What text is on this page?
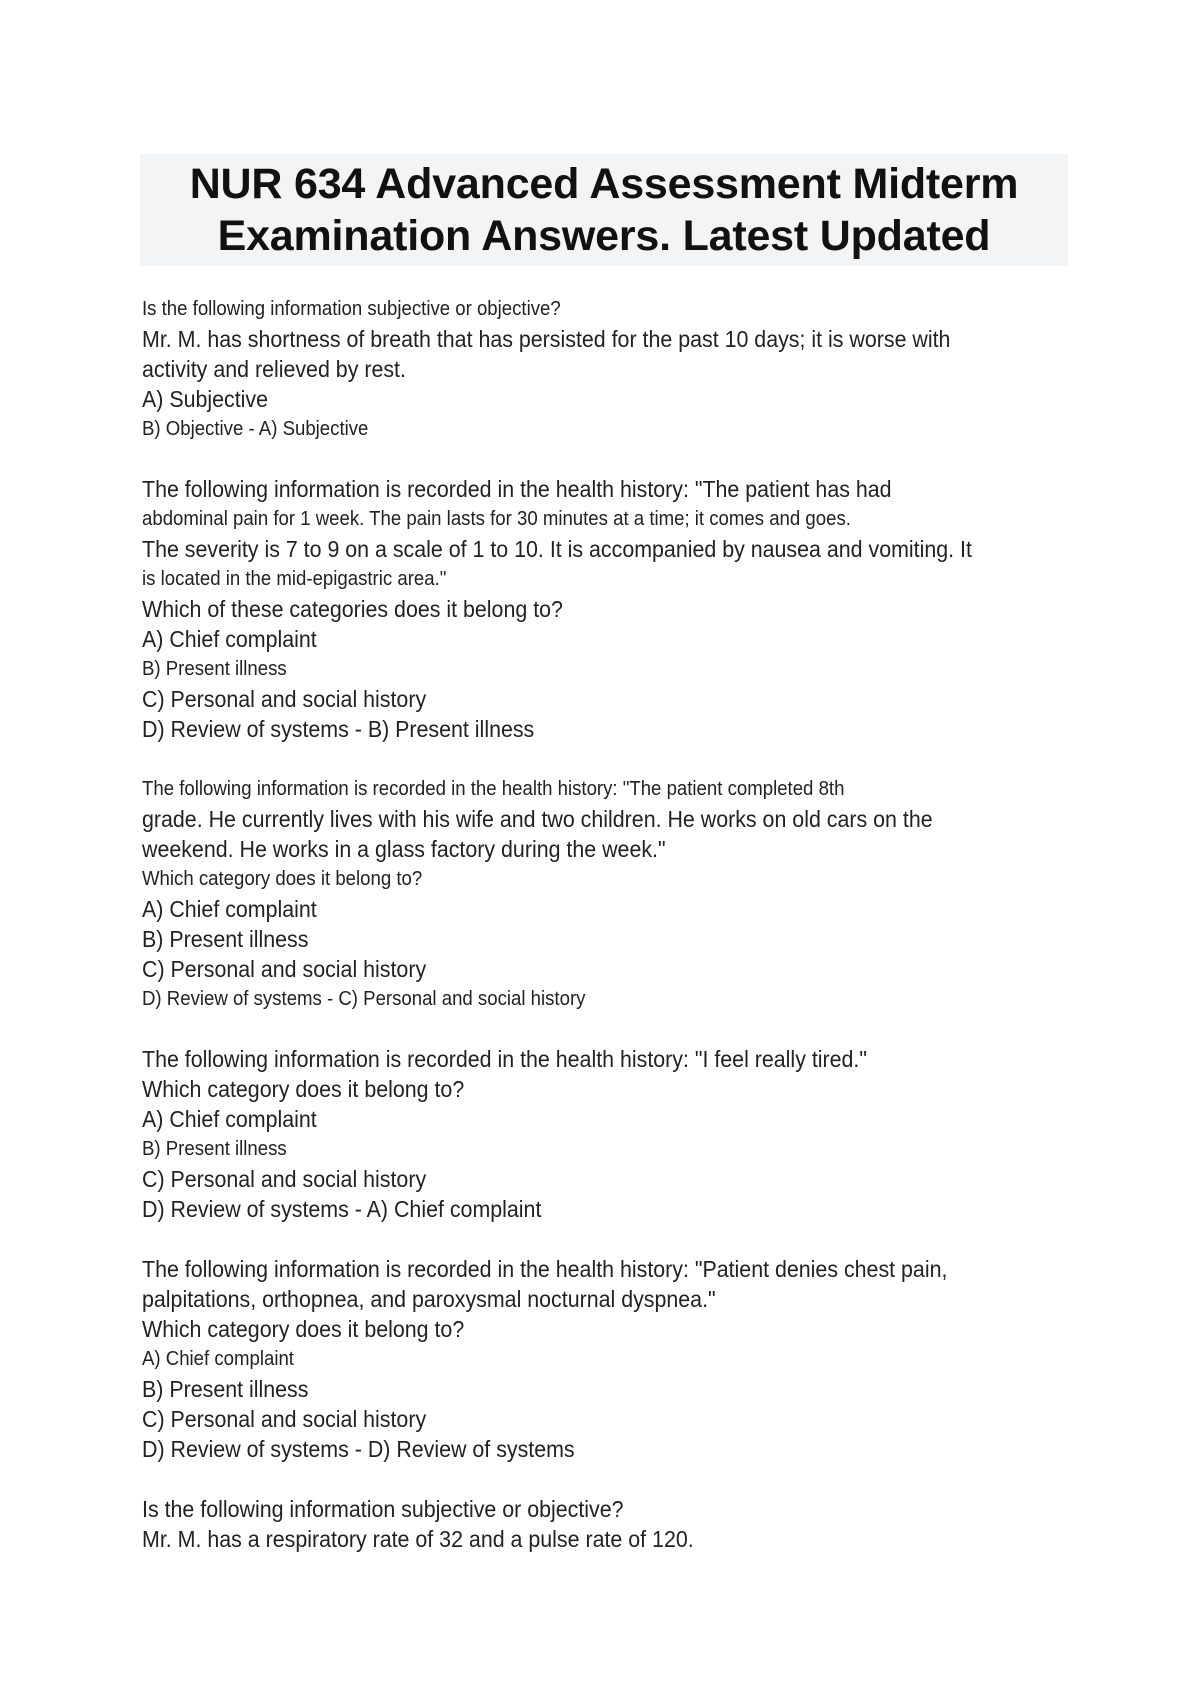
NUR 634 Advanced Assessment Midterm
Examination Answers. Latest Updated
Is the following information subjective or objective?
Mr. M. has shortness of breath that has persisted for the past 10 days; it is worse with
activity and relieved by rest.
A) Subjective
B) Objective - A) Subjective
The following information is recorded in the health history: "The patient has had
abdominal pain for 1 week. The pain lasts for 30 minutes at a time; it comes and goes.
The severity is 7 to 9 on a scale of 1 to 10. It is accompanied by nausea and vomiting. It
is located in the mid-epigastric area."
Which of these categories does it belong to?
A) Chief complaint
B) Present illness
C) Personal and social history
D) Review of systems - B) Present illness
The following information is recorded in the health history: "The patient completed 8th
grade. He currently lives with his wife and two children. He works on old cars on the
weekend. He works in a glass factory during the week."
Which category does it belong to?
A) Chief complaint
B) Present illness
C) Personal and social history
D) Review of systems - C) Personal and social history
The following information is recorded in the health history: "I feel really tired."
Which category does it belong to?
A) Chief complaint
B) Present illness
C) Personal and social history
D) Review of systems - A) Chief complaint
The following information is recorded in the health history: "Patient denies chest pain,
palpitations, orthopnea, and paroxysmal nocturnal dyspnea."
Which category does it belong to?
A) Chief complaint
B) Present illness
C) Personal and social history
D) Review of systems - D) Review of systems
Is the following information subjective or objective?
Mr. M. has a respiratory rate of 32 and a pulse rate of 120.
